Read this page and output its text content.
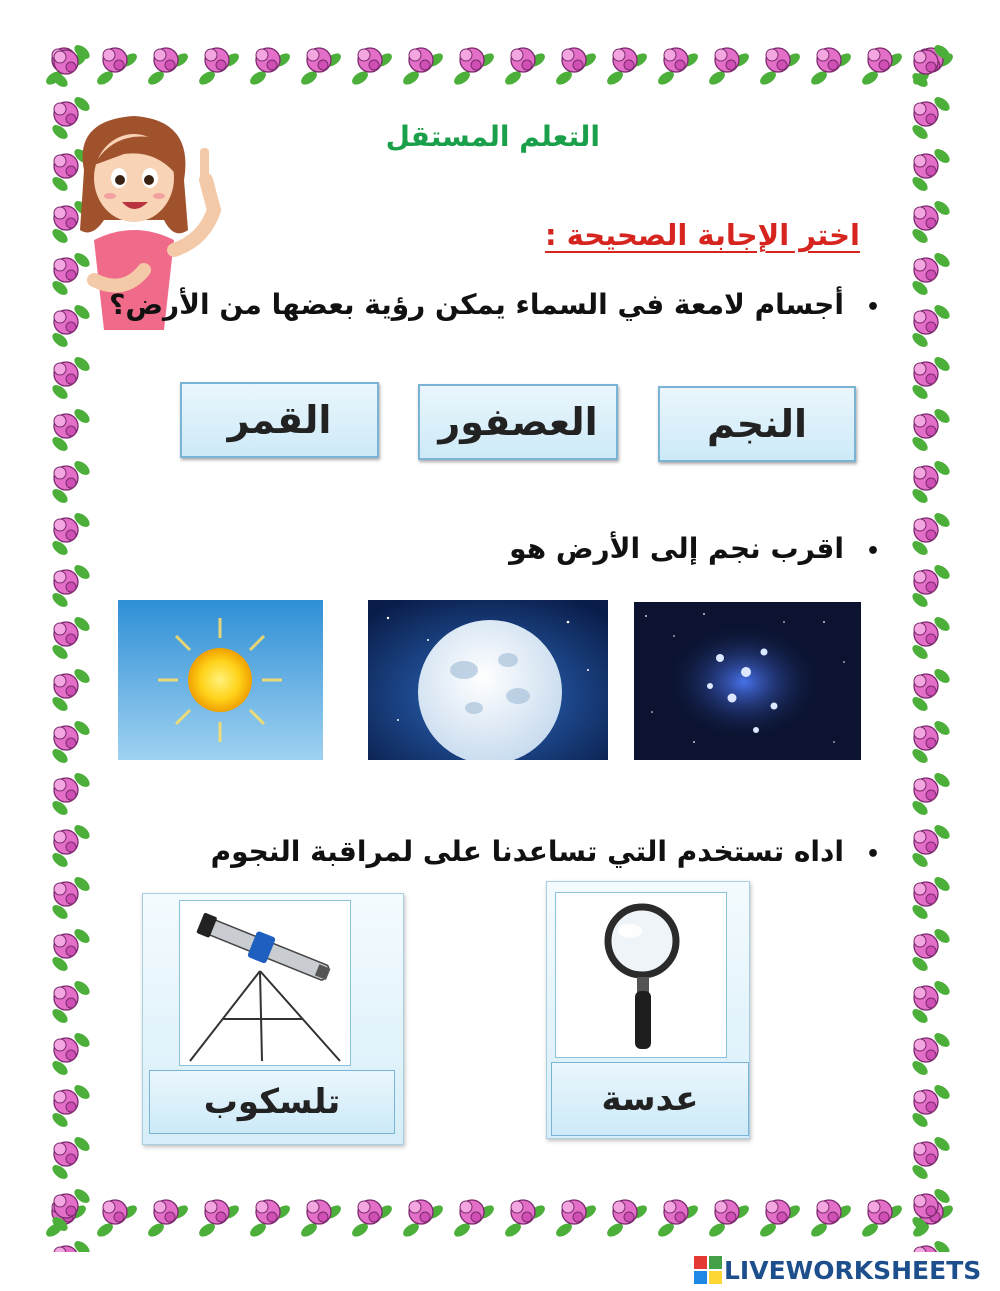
التعلم المستقل
اختر الإجابة الصحيحة :
•أجسام لامعة في السماء يمكن رؤية بعضها من الأرض؟
النجم
العصفور
القمر
•اقرب نجم إلى الأرض هو
•اداه تستخدم التي تساعدنا على لمراقبة النجوم
تلسكوب	عدسة
LIVEWORKSHEETS
